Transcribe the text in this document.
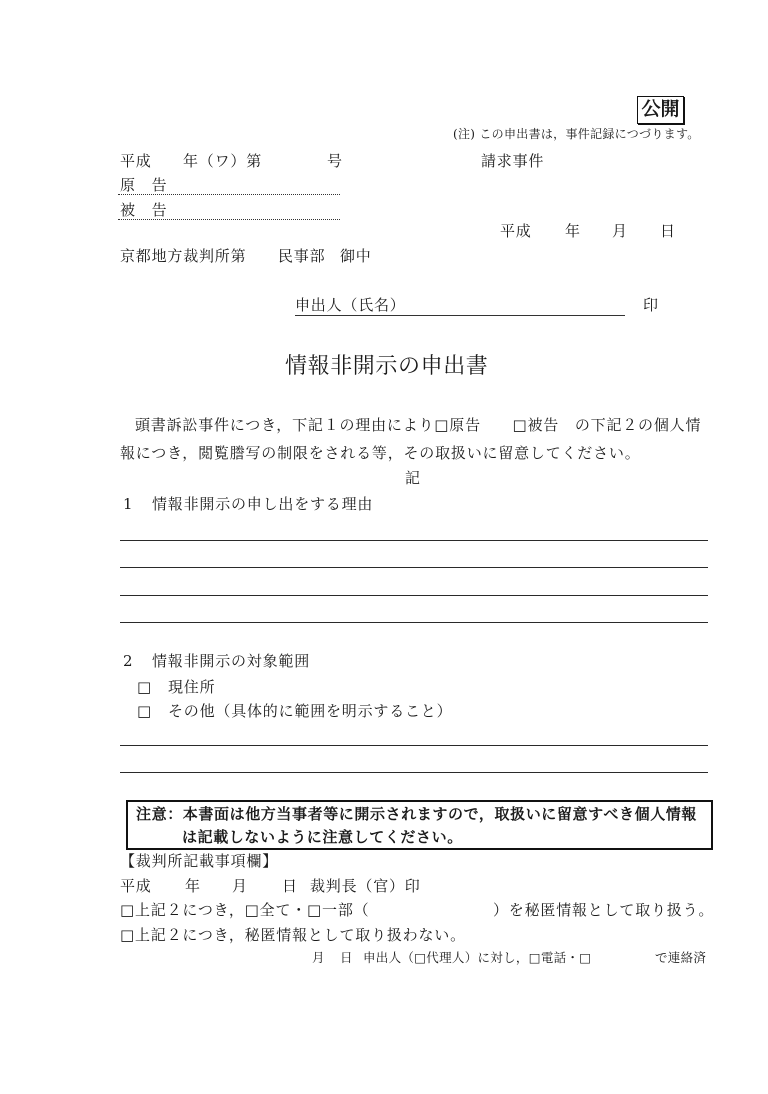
公開
(注) この申出書は，事件記録につづります。
平成 年（ワ）第	号	請求事件
原　告
被　告
平成 年 月 日
京都地方裁判所第 民事部 御中
申出人（氏名）	印
情報非開示の申出書
頭書訴訟事件につき，下記１の理由により□原告　　□被告　の下記２の個人情
報につき，閲覧謄写の制限をされる等，その取扱いに留意してください。
記
1 情報非開示の申し出をする理由
2 情報非開示の対象範囲
□ 現住所
□ その他（具体的に範囲を明示すること）
注意：本書面は他方当事者等に開示されますので，取扱いに留意すべき個人情報
は記載しないように注意してください。
【裁判所記載事項欄】
平成 年 月 日 裁判長（官）印
□上記２につき，□全て・□一部（	）を秘匿情報として取り扱う。
□上記２につき，秘匿情報として取り扱わない。
月 日 申出人（□代理人）に対し，□電話・□	で連絡済
